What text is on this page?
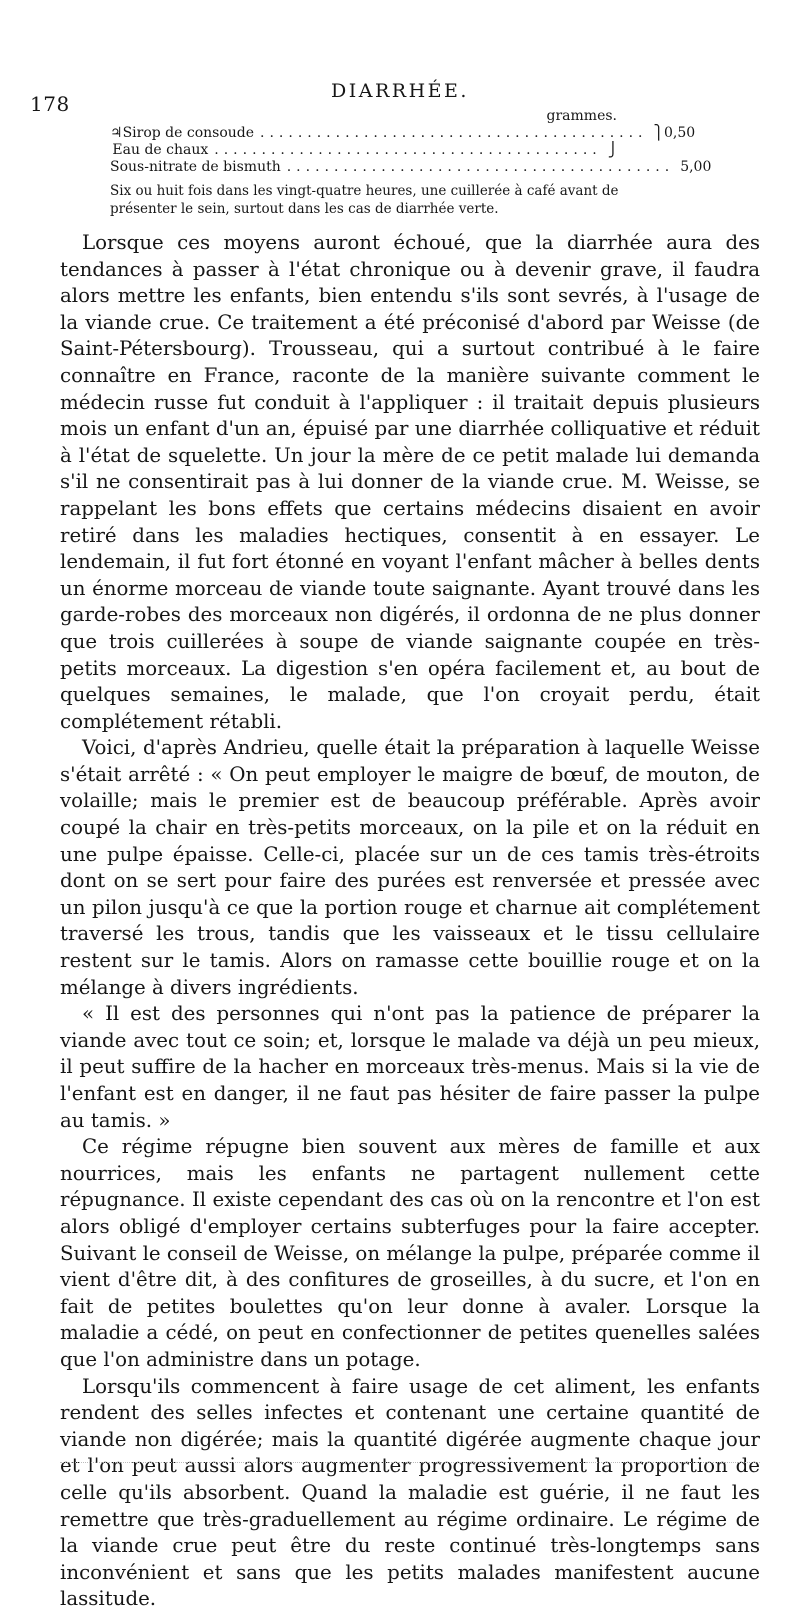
178
DIARRHÉE.
grammes.
♃ Sirop de consoude ......................................... ⎫ 0,50
Eau de chaux ......................................... ⎭
Sous-nitrate de bismuth ......................................... 5,00
Six ou huit fois dans les vingt-quatre heures, une cuillerée à café avant de présenter le sein, surtout dans les cas de diarrhée verte.

Lorsque ces moyens auront échoué, que la diarrhée aura des tendances à passer à l'état chronique ou à devenir grave, il faudra alors mettre les enfants, bien entendu s'ils sont sevrés, à l'usage de la viande crue. Ce traitement a été préconisé d'abord par Weisse (de Saint-Pétersbourg). Trousseau, qui a surtout contribué à le faire connaître en France, raconte de la manière suivante comment le médecin russe fut conduit à l'appliquer : il traitait depuis plusieurs mois un enfant d'un an, épuisé par une diarrhée colliquative et réduit à l'état de squelette. Un jour la mère de ce petit malade lui demanda s'il ne consentirait pas à lui donner de la viande crue. M. Weisse, se rappelant les bons effets que certains médecins disaient en avoir retiré dans les maladies hectiques, consentit à en essayer. Le lendemain, il fut fort étonné en voyant l'enfant mâcher à belles dents un énorme morceau de viande toute saignante. Ayant trouvé dans les garde-robes des morceaux non digérés, il ordonna de ne plus donner que trois cuillerées à soupe de viande saignante coupée en très-petits morceaux. La digestion s'en opéra facilement et, au bout de quelques semaines, le malade, que l'on croyait perdu, était complétement rétabli.

Voici, d'après Andrieu, quelle était la préparation à laquelle Weisse s'était arrêté : « On peut employer le maigre de bœuf, de mouton, de volaille; mais le premier est de beaucoup préférable. Après avoir coupé la chair en très-petits morceaux, on la pile et on la réduit en une pulpe épaisse. Celle-ci, placée sur un de ces tamis très-étroits dont on se sert pour faire des purées est renversée et pressée avec un pilon jusqu'à ce que la portion rouge et charnue ait complétement traversé les trous, tandis que les vaisseaux et le tissu cellulaire restent sur le tamis. Alors on ramasse cette bouillie rouge et on la mélange à divers ingrédients.

« Il est des personnes qui n'ont pas la patience de préparer la viande avec tout ce soin; et, lorsque le malade va déjà un peu mieux, il peut suffire de la hacher en morceaux très-menus. Mais si la vie de l'enfant est en danger, il ne faut pas hésiter de faire passer la pulpe au tamis. »

Ce régime répugne bien souvent aux mères de famille et aux nourrices, mais les enfants ne partagent nullement cette répugnance. Il existe cependant des cas où on la rencontre et l'on est alors obligé d'employer certains subterfuges pour la faire accepter. Suivant le conseil de Weisse, on mélange la pulpe, préparée comme il vient d'être dit, à des confitures de groseilles, à du sucre, et l'on en fait de petites boulettes qu'on leur donne à avaler. Lorsque la maladie a cédé, on peut en confectionner de petites quenelles salées que l'on administre dans un potage.

Lorsqu'ils commencent à faire usage de cet aliment, les enfants rendent des selles infectes et contenant une certaine quantité de viande non digérée; mais la quantité digérée augmente chaque jour et l'on peut aussi alors augmenter progressivement la proportion de celle qu'ils absorbent. Quand la maladie est guérie, il ne faut les remettre que très-graduellement au régime ordinaire. Le régime de la viande crue peut être du reste continué très-longtemps sans inconvénient et sans que les petits malades manifestent aucune lassitude.
